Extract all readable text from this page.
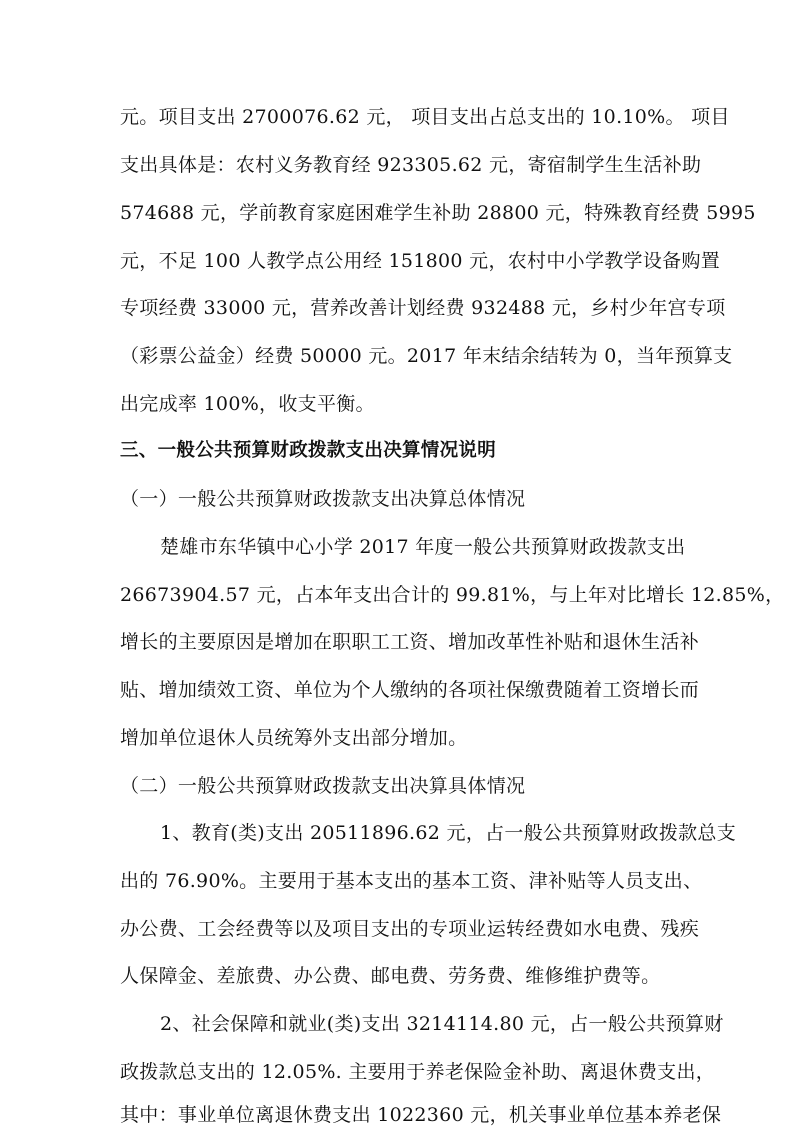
元。项目支出 2700076.62 元， 项目支出占总支出的 10.10%。 项目
支出具体是：农村义务教育经 923305.62 元，寄宿制学生生活补助
574688 元，学前教育家庭困难学生补助 28800 元，特殊教育经费 5995
元，不足 100 人教学点公用经 151800 元，农村中小学教学设备购置
专项经费 33000 元，营养改善计划经费 932488 元，乡村少年宫专项
（彩票公益金）经费 50000 元。2017 年末结余结转为 0，当年预算支
出完成率 100%，收支平衡。
三、一般公共预算财政拨款支出决算情况说明
（一）一般公共预算财政拨款支出决算总体情况
楚雄市东华镇中心小学 2017 年度一般公共预算财政拨款支出
26673904.57 元，占本年支出合计的 99.81%，与上年对比增长 12.85%，
增长的主要原因是增加在职职工工资、增加改革性补贴和退休生活补
贴、增加绩效工资、单位为个人缴纳的各项社保缴费随着工资增长而
增加单位退休人员统筹外支出部分增加。
（二）一般公共预算财政拨款支出决算具体情况
1、教育(类)支出 20511896.62 元，占一般公共预算财政拨款总支
出的 76.90%。主要用于基本支出的基本工资、津补贴等人员支出、
办公费、工会经费等以及项目支出的专项业运转经费如水电费、残疾
人保障金、差旅费、办公费、邮电费、劳务费、维修维护费等。
2、社会保障和就业(类)支出 3214114.80 元，占一般公共预算财
政拨款总支出的 12.05%. 主要用于养老保险金补助、离退休费支出，
其中：事业单位离退休费支出 1022360 元，机关事业单位基本养老保
